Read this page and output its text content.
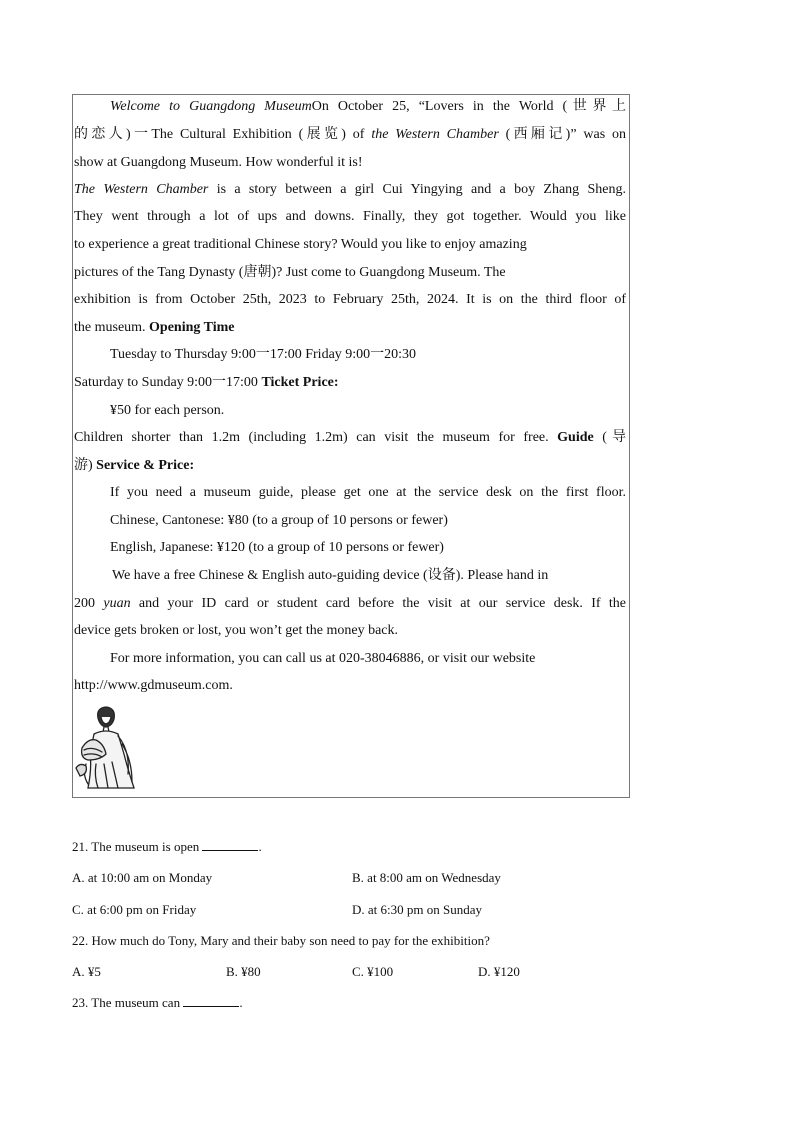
Welcome to Guangdong MuseumOn October 25, “Lovers in the World (世界上
的恋人)一The Cultural Exhibition (展览) of the Western Chamber (西厢记)” was on
show at Guangdong Museum. How wonderful it is!
The Western Chamber is a story between a girl Cui Yingying and a boy Zhang Sheng.
They went through a lot of ups and downs. Finally, they got together. Would you like
to experience a great traditional Chinese story? Would you like to enjoy amazing
pictures of the Tang Dynasty (唐朝)? Just come to Guangdong Museum. The
exhibition is from October 25th, 2023 to February 25th, 2024. It is on the third floor of
the museum. Opening Time
Tuesday to Thursday 9:00一17:00 Friday 9:00一20:30
Saturday to Sunday 9:00一17:00 Ticket Price:
¥50 for each person.
Children shorter than 1.2m (including 1.2m) can visit the museum for free. Guide (导
游) Service & Price:
If you need a museum guide, please get one at the service desk on the first floor.
Chinese, Cantonese: ¥80 (to a group of 10 persons or fewer)
English, Japanese: ¥120 (to a group of 10 persons or fewer)
We have a free Chinese & English auto-guiding device (设备). Please hand in
200 yuan and your ID card or student card before the visit at our service desk. If the
device gets broken or lost, you won’t get the money back.
For more information, you can call us at 020-38046886, or visit our website
http://www.gdmuseum.com.
21. The museum is open	.
A. at 10:00 am on Monday	B. at 8:00 am on Wednesday
C. at 6:00 pm on Friday	D. at 6:30 pm on Sunday
22. How much do Tony, Mary and their baby son need to pay for the exhibition?
A. ¥5	B. ¥80	C. ¥100	D. ¥120
23. The museum can	.
